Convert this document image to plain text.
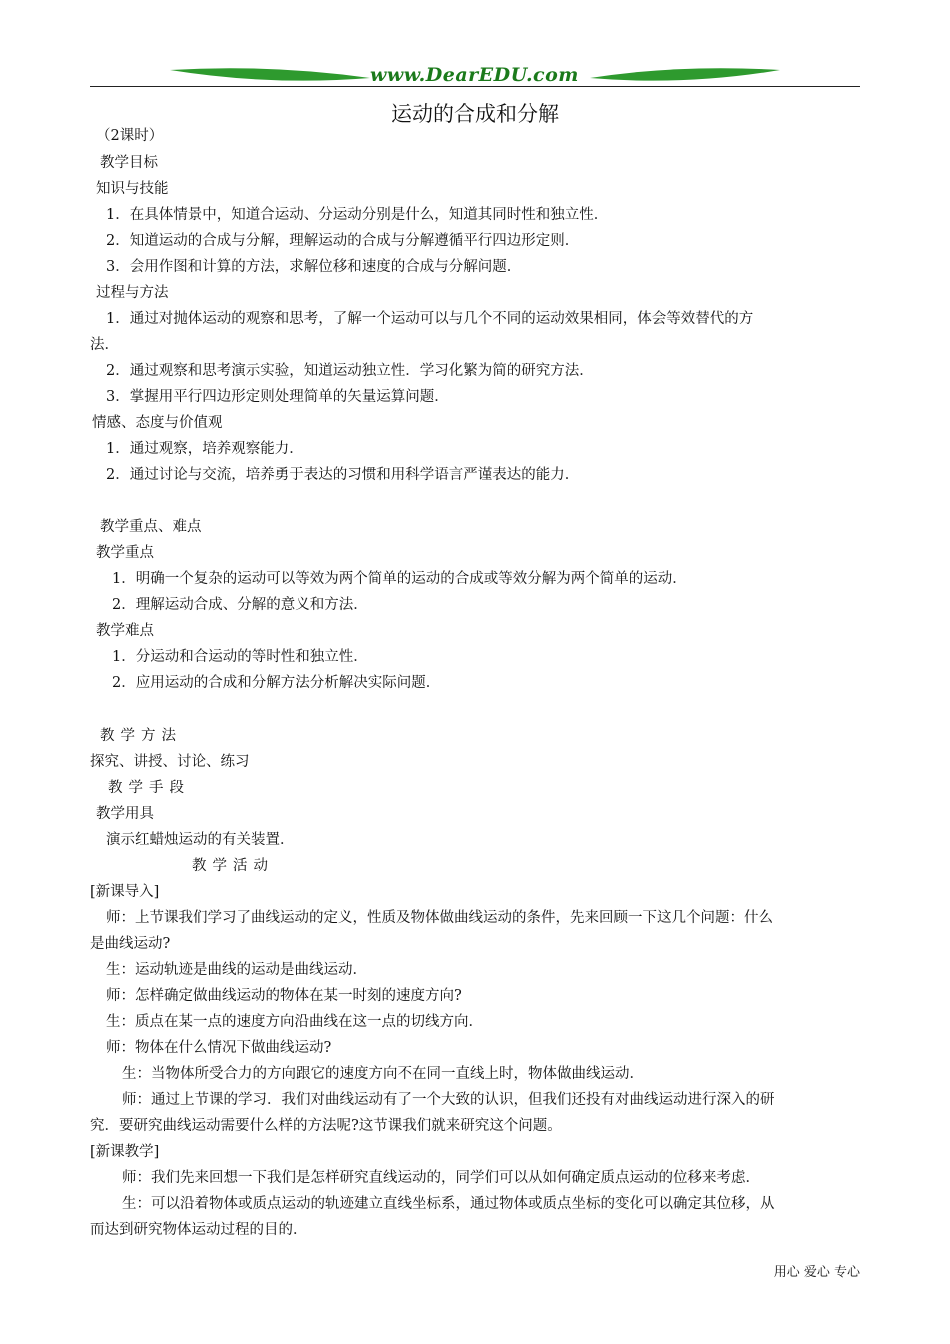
www.DearEDU.com
运动的合成和分解
（2课时）
教学目标
知识与技能
1．在具体情景中，知道合运动、分运动分别是什么，知道其同时性和独立性．
2．知道运动的合成与分解，理解运动的合成与分解遵循平行四边形定则．
3．会用作图和计算的方法，求解位移和速度的合成与分解问题．
过程与方法
1．通过对抛体运动的观察和思考，了解一个运动可以与几个不同的运动效果相同，体会等效替代的方
法．
2．通过观察和思考演示实验，知道运动独立性．学习化繁为简的研究方法．
3．掌握用平行四边形定则处理简单的矢量运算问题．
情感、态度与价值观
1．通过观察，培养观察能力．
2．通过讨论与交流，培养勇于表达的习惯和用科学语言严谨表达的能力．
教学重点、难点
教学重点
1．明确一个复杂的运动可以等效为两个简单的运动的合成或等效分解为两个简单的运动．
2．理解运动合成、分解的意义和方法．
教学难点
1．分运动和合运动的等时性和独立性．
2．应用运动的合成和分解方法分析解决实际问题．
教学方法
探究、讲授、讨论、练习
教学手段
教学用具
演示红蜡烛运动的有关装置．
教学活动
[新课导入]
师：上节课我们学习了曲线运动的定义，性质及物体做曲线运动的条件，先来回顾一下这几个问题：什么
是曲线运动?
生：运动轨迹是曲线的运动是曲线运动．
师：怎样确定做曲线运动的物体在某一时刻的速度方向?
生：质点在某一点的速度方向沿曲线在这一点的切线方向．
师：物体在什么情况下做曲线运动?
生：当物体所受合力的方向跟它的速度方向不在同一直线上时，物体做曲线运动．
师：通过上节课的学习．我们对曲线运动有了一个大致的认识，但我们还投有对曲线运动进行深入的研
究．要研究曲线运动需要什么样的方法呢?这节课我们就来研究这个问题。
[新课教学]
师：我们先来回想一下我们是怎样研究直线运动的，同学们可以从如何确定质点运动的位移来考虑．
生：可以沿着物体或质点运动的轨迹建立直线坐标系，通过物体或质点坐标的变化可以确定其位移，从
而达到研究物体运动过程的目的．
用心 爱心 专心
